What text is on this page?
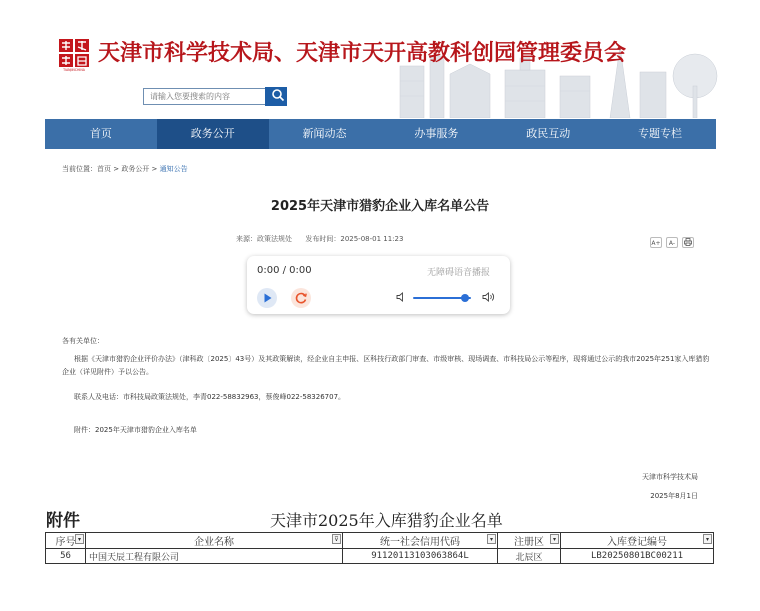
TIANJINCHINA
天津市科学技术局、天津市天开高教科创园管理委员会
请输入您要搜索的内容
首页	政务公开	新闻动态	办事服务	政民互动	专题专栏
当前位置：首页 > 政务公开 > 通知公告
2025年天津市猎豹企业入库名单公告
来源：政策法规处 发布时间：2025-08-01 11:23
A+	A-
0:00 / 0:00	无障碍语音播报
各有关单位：
根据《天津市猎豹企业评价办法》（津科政〔2025〕43号）及其政策解读，经企业自主申报、区科技行政部门审查、市级审核、现场调查、市科技局公示等程序，现将通过公示的我市2025年251家入库猎豹企业（详见附件）予以公告。
联系人及电话：市科技局政策法规处，李青022-58832963，蔡俊峰022-58326707。
附件：2025年天津市猎豹企业入库名单
天津市科学技术局
2025年8月1日
附件	天津市2025年入库猎豹企业名单
序号 ▾	企业名称 ⊽	统一社会信用代码 ▾	注册区 ▾	入库登记编号 ▾

56	中国天辰工程有限公司	91120113103063864L	北辰区	LB20250801BC00211
